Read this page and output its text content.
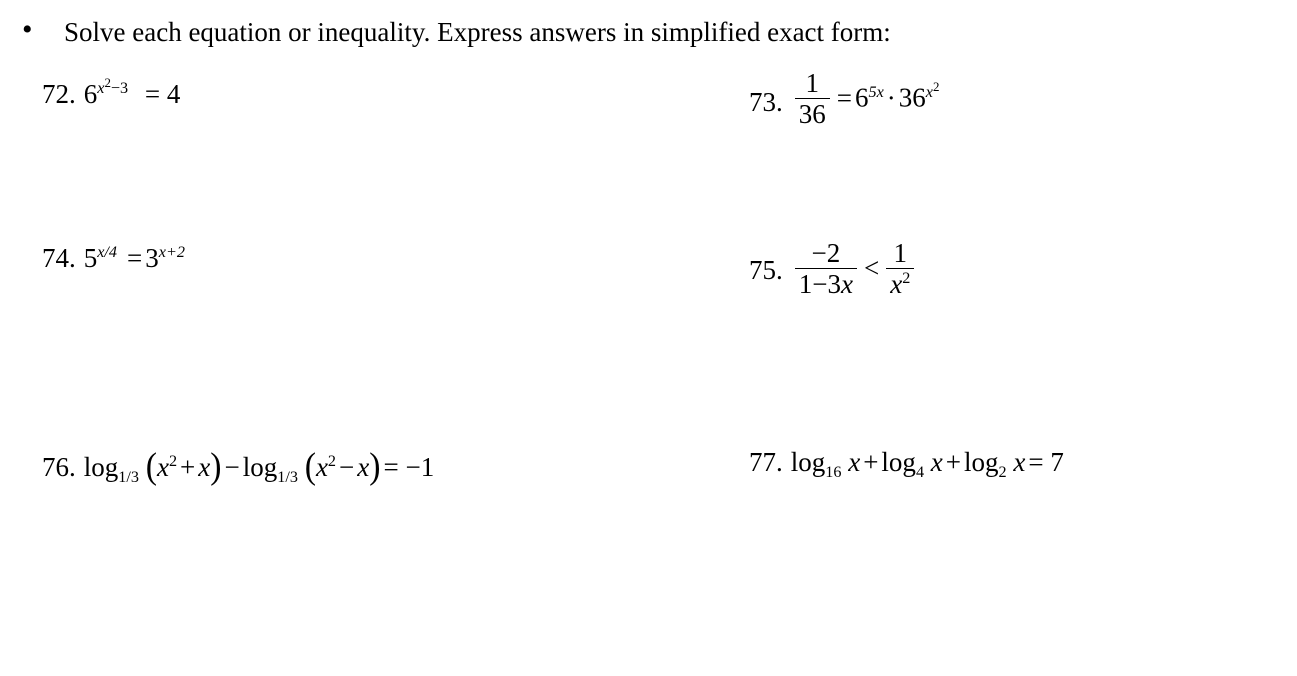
• Solve each equation or inequality. Express answers in simplified exact form:
72. $6^{x^2-3} = 4$	73. $\frac{1}{36} = 6^{5x} \cdot 36^{x^2}$
74. $5^{x/4} = 3^{x+2}$
75. $\frac{-2}{1-3x} < \frac{1}{x^2}$
76. $\log_{1/3} (x^2 + x) - \log_{1/3} (x^2 - x) = -1$	77. $\log_{16} x + \log_4 x + \log_2 x = 7$
